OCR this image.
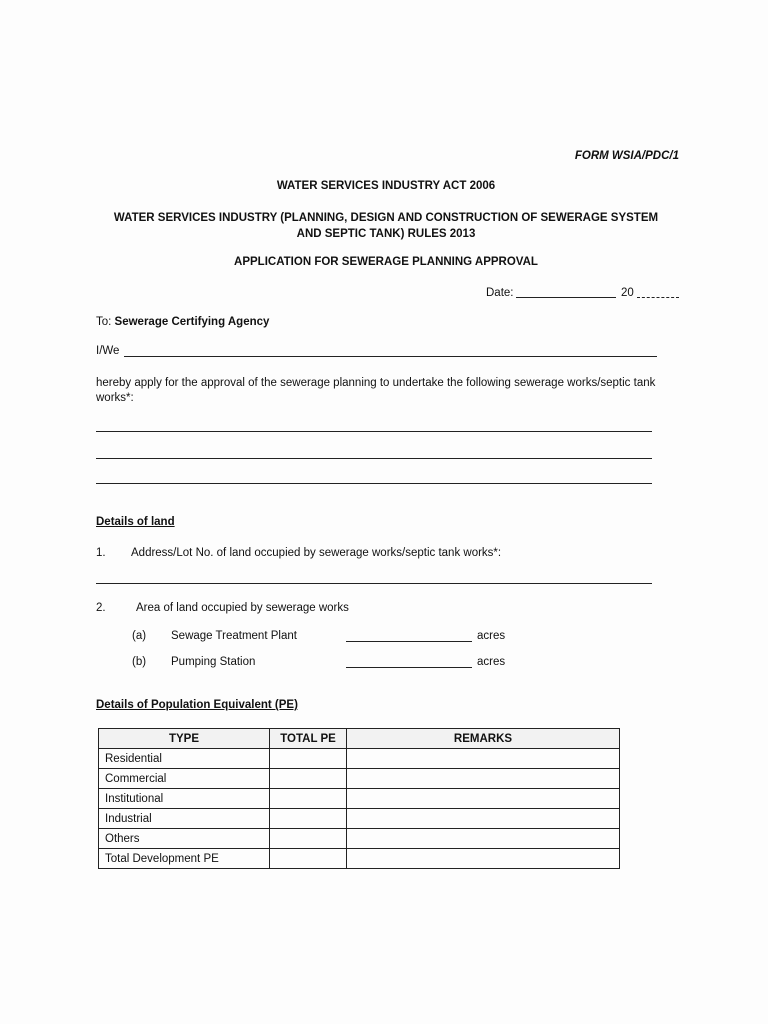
FORM WSIA/PDC/1
WATER SERVICES INDUSTRY ACT 2006
WATER SERVICES INDUSTRY (PLANNING, DESIGN AND CONSTRUCTION OF SEWERAGE SYSTEM
AND SEPTIC TANK) RULES 2013
APPLICATION FOR SEWERAGE PLANNING APPROVAL
Date:	20
To: Sewerage Certifying Agency
I/We
hereby apply for the approval of the sewerage planning to undertake the following sewerage works/septic tank works*:
Details of land
1. Address/Lot No. of land occupied by sewerage works/septic tank works*:
2.	Area of land occupied by sewerage works
(a) Sewage Treatment Plant	acres
(b) Pumping Station	acres
Details of Population Equivalent (PE)
TYPE	TOTAL PE	REMARKS
Residential		
Commercial		
Institutional		
Industrial		
Others		
Total Development PE		
